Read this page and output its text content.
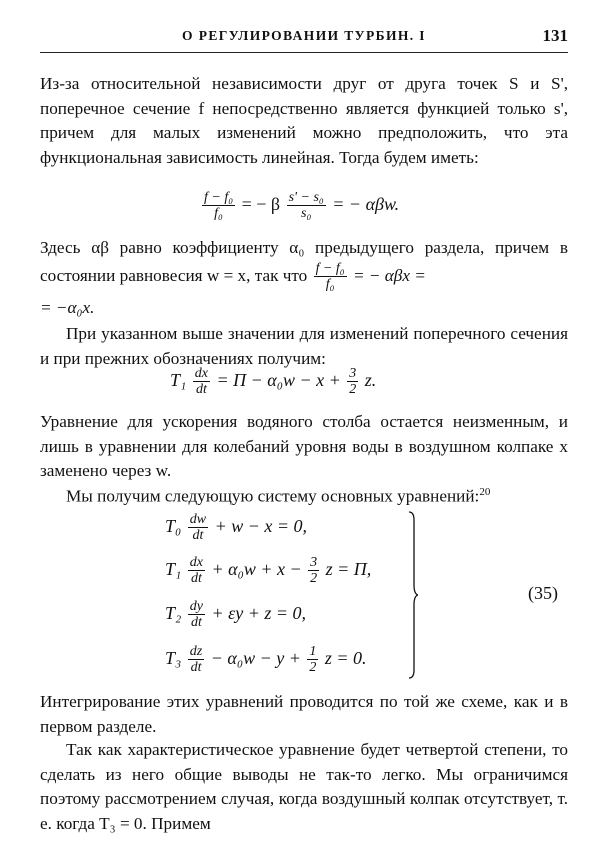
О РЕГУЛИРОВАНИИ ТУРБИН. I	131

Из-за относительной независимости друг от друга точек S и S', поперечное сечение f непосредственно является функцией только s', причем для малых изменений можно предположить, что эта функциональная зависимость линейная. Тогда будем иметь:

$\frac{\text{f − f₀}}{\text{f₀}}$ = − β $\frac{\text{s' − s₀}}{\text{s₀}}$ = − αβw.

Здесь αβ равно коэффициенту α₀ предыдущего раздела, причем в состоянии равновесия w = x, так что $\frac{\text{f − f₀}}{\text{f₀}}$ = − αβx =

= −α₀x.

При указанном выше значении для изменений поперечного сечения и при прежних обозначениях получим:

$T_1 \frac{dx}{dt} = \Pi - \alpha_0w - x + \frac{3}{2} z$.

Уравнение для ускорения водяного столба остается неизменным, и лишь в уравнении для колебаний уровня воды в воздушном колпаке x заменено через w.

Мы получим следующую систему основных уравнений:$^{20}$

$T_0 \frac{dw}{dt} + w - x = 0$,
$T_1 \frac{dx}{dt} + \alpha_0w + x - \frac{3}{2}$ z = Π,
$T_2 \frac{dy}{dt} + \varepsilon y + z = 0$,
$T_3 \frac{dz}{dt} - \alpha_0w - y + \frac{1}{2}$ z = 0.
(35)

Интегрирование этих уравнений проводится по той же схеме, как и в первом разделе.

Так как характеристическое уравнение будет четвертой степени, то сделать из него общие выводы не так-то легко. Мы ограничимся поэтому рассмотрением случая, когда воздушный колпак отсутствует, т. е. когда T₃ = 0. Примем
